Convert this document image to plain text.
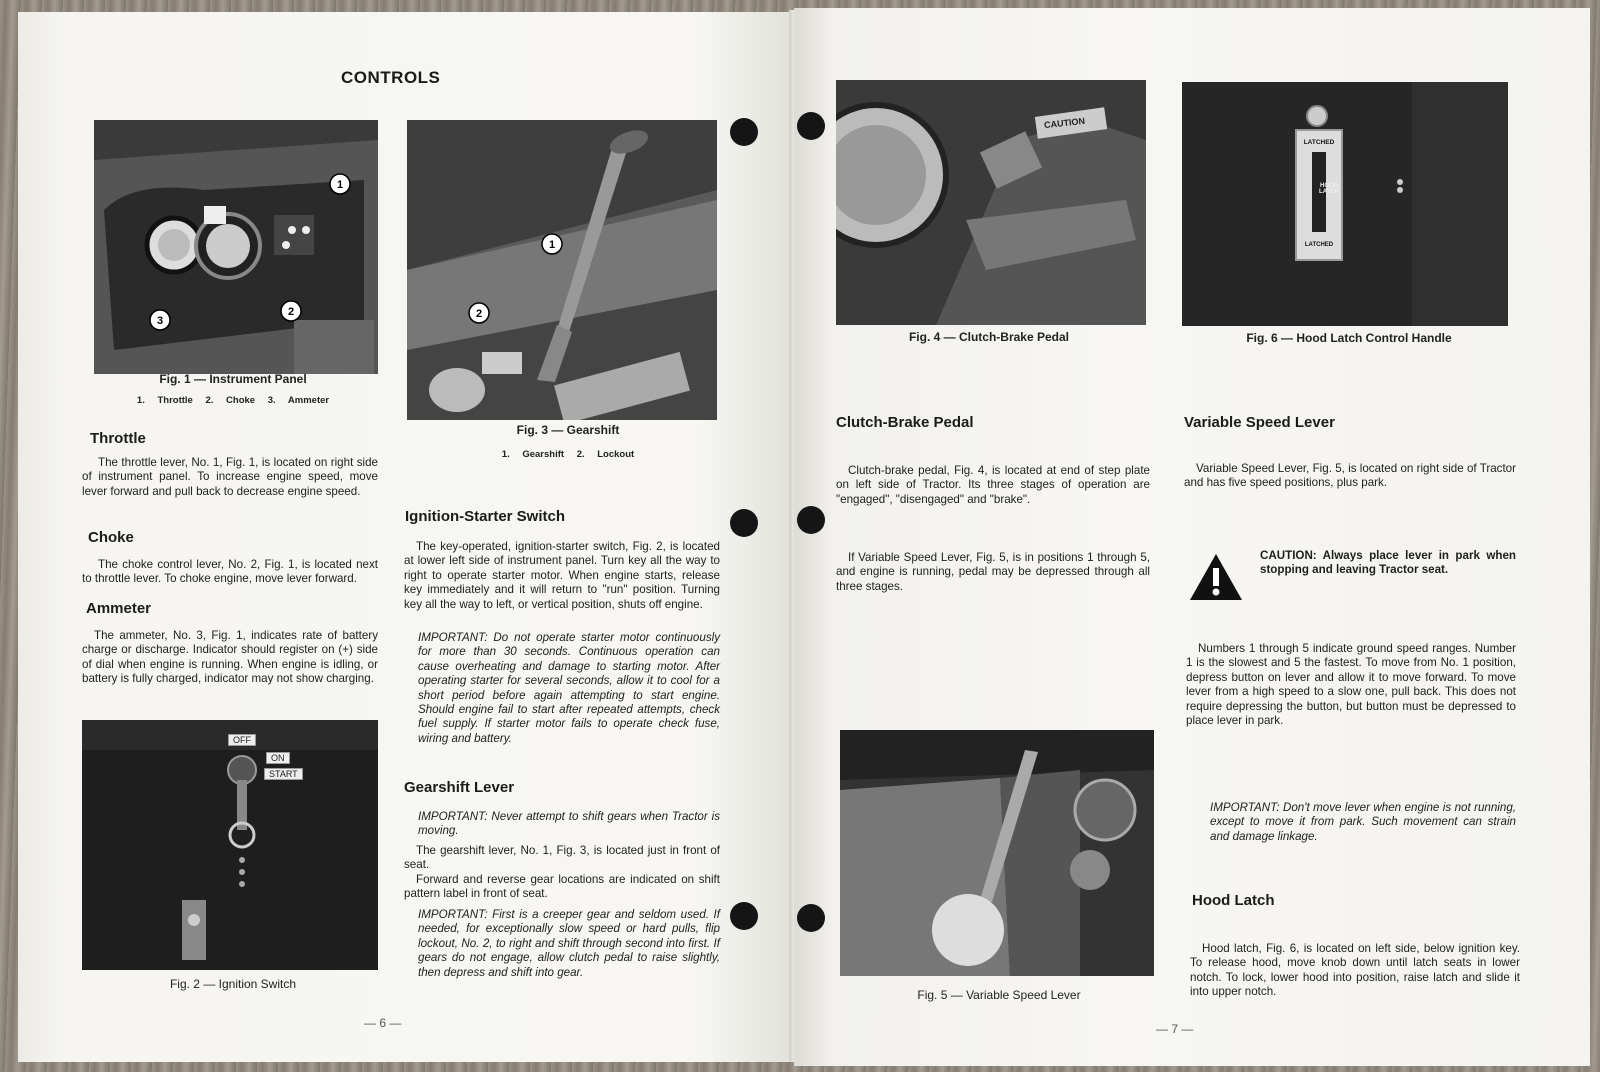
CONTROLS
1
2
3
Fig. 1 — Instrument Panel
1. Throttle 2. Choke 3. Ammeter
1
2
Fig. 3 — Gearshift
1. Gearshift 2. Lockout
Throttle
The throttle lever, No. 1, Fig. 1, is located on right side of instrument panel. To increase engine speed, move lever forward and pull back to decrease engine speed.
Choke
The choke control lever, No. 2, Fig. 1, is located next to throttle lever. To choke engine, move lever forward.
Ammeter
The ammeter, No. 3, Fig. 1, indicates rate of battery charge or discharge. Indicator should register on (+) side of dial when engine is running. When engine is idling, or battery is fully charged, indicator may not show charging.
OFF
ON
START
Fig. 2 — Ignition Switch
Ignition-Starter Switch
The key-operated, ignition-starter switch, Fig. 2, is located at lower left side of instrument panel. Turn key all the way to right to operate starter motor. When engine starts, release key immediately and it will return to "run" position. Turning key all the way to left, or vertical position, shuts off engine.
IMPORTANT: Do not operate starter motor continuously for more than 30 seconds. Continuous operation can cause overheating and damage to starting motor. After operating starter for several seconds, allow it to cool for a short period before again attempting to start engine. Should engine fail to start after repeated attempts, check fuel supply. If starter motor fails to operate check fuse, wiring and battery.
Gearshift Lever
IMPORTANT: Never attempt to shift gears when Tractor is moving.
The gearshift lever, No. 1, Fig. 3, is located just in front of seat.
Forward and reverse gear locations are indicated on shift pattern label in front of seat.
IMPORTANT: First is a creeper gear and seldom used. If needed, for exceptionally slow speed or hard pulls, flip lockout, No. 2, to right and shift through second into first. If gears do not engage, allow clutch pedal to raise slightly, then depress and shift into gear.
— 6 —
CAUTION
Fig. 4 — Clutch-Brake Pedal
LATCHED
HOOD LATCH
LATCHED
Fig. 6 — Hood Latch Control Handle
Clutch-Brake Pedal
Clutch-brake pedal, Fig. 4, is located at end of step plate on left side of Tractor. Its three stages of operation are "engaged", "disengaged" and "brake".
If Variable Speed Lever, Fig. 5, is in positions 1 through 5, and engine is running, pedal may be depressed through all three stages.
Variable Speed Lever
Variable Speed Lever, Fig. 5, is located on right side of Tractor and has five speed positions, plus park.
CAUTION: Always place lever in park when stopping and leaving Tractor seat.
Numbers 1 through 5 indicate ground speed ranges. Number 1 is the slowest and 5 the fastest. To move from No. 1 position, depress button on lever and allow it to move forward. To move lever from a high speed to a slow one, pull back. This does not require depressing the button, but button must be depressed to place lever in park.
IMPORTANT: Don't move lever when engine is not running, except to move it from park. Such movement can strain and damage linkage.
Fig. 5 — Variable Speed Lever
Hood Latch
Hood latch, Fig. 6, is located on left side, below ignition key. To release hood, move knob down until latch seats in lower notch. To lock, lower hood into position, raise latch and slide it into upper notch.
— 7 —
